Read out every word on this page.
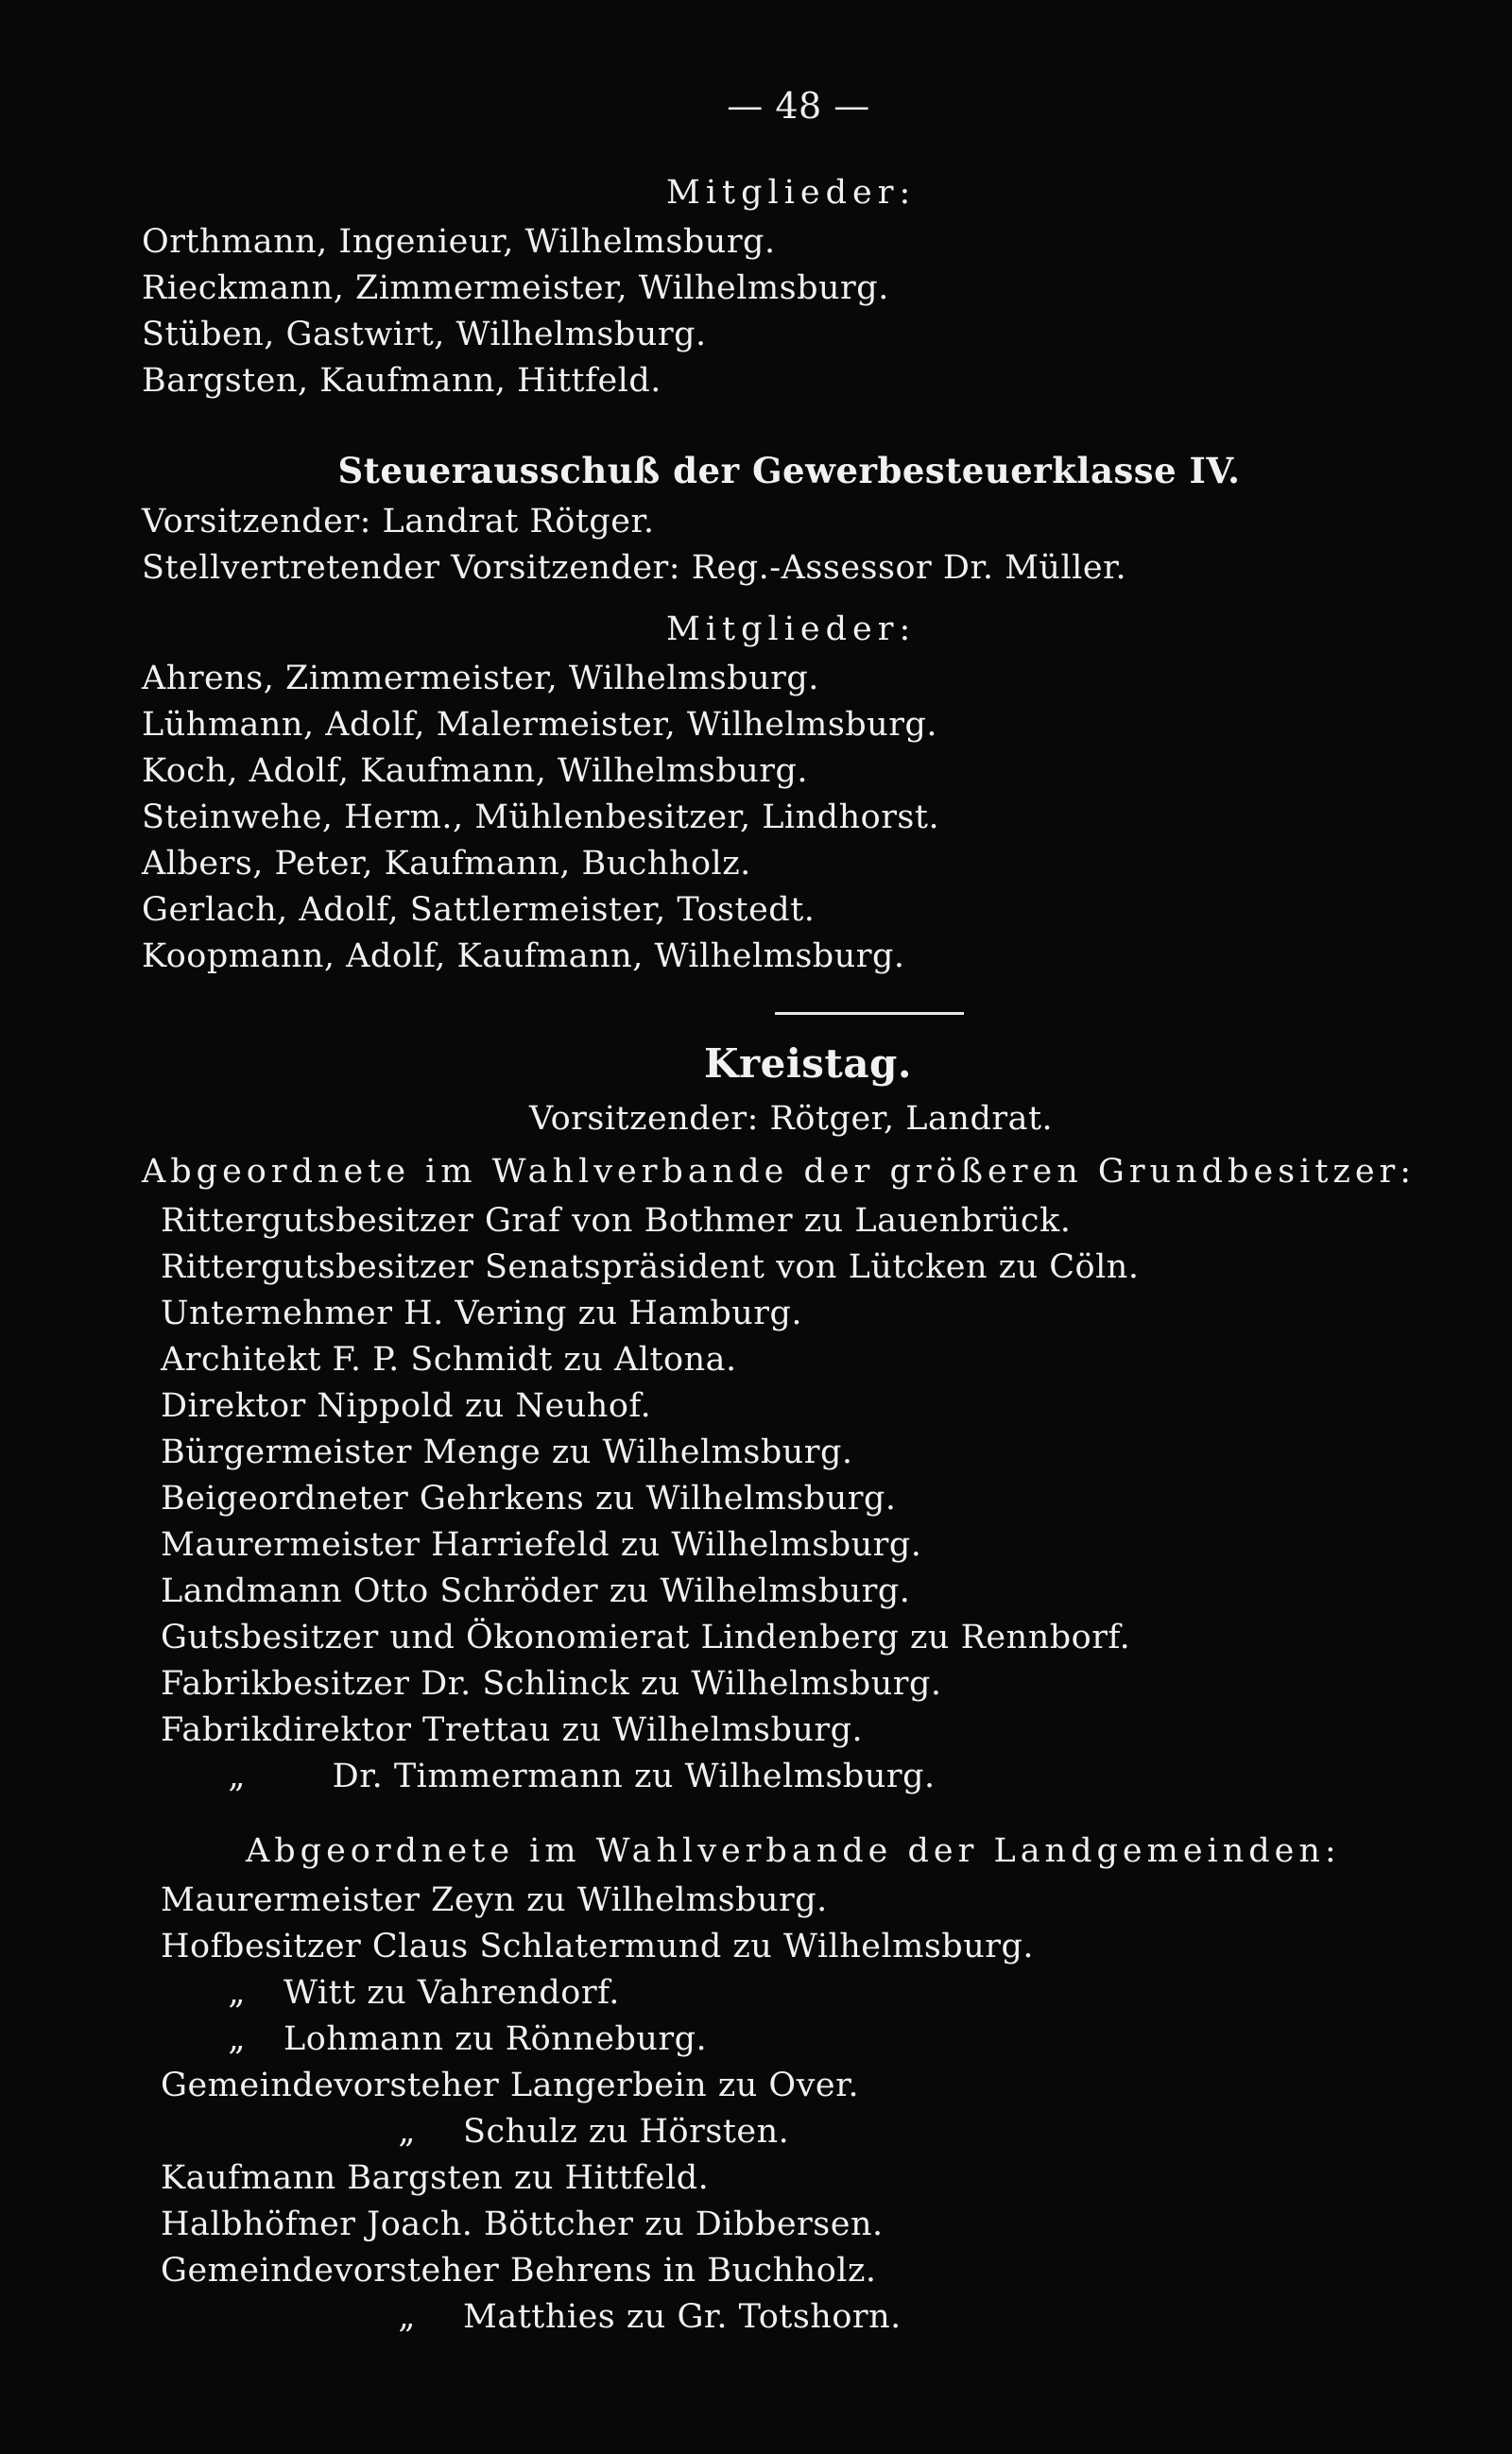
— 48 —
Mitglieder:
Orthmann, Ingenieur, Wilhelmsburg.
Rieckmann, Zimmermeister, Wilhelmsburg.
Stüben, Gastwirt, Wilhelmsburg.
Bargsten, Kaufmann, Hittfeld.
Steuerausschuß der Gewerbesteuerklasse IV.
Vorsitzender: Landrat Rötger.
Stellvertretender Vorsitzender: Reg.-Assessor Dr. Müller.
Mitglieder:
Ahrens, Zimmermeister, Wilhelmsburg.
Lühmann, Adolf, Malermeister, Wilhelmsburg.
Koch, Adolf, Kaufmann, Wilhelmsburg.
Steinwehe, Herm., Mühlenbesitzer, Lindhorst.
Albers, Peter, Kaufmann, Buchholz.
Gerlach, Adolf, Sattlermeister, Tostedt.
Koopmann, Adolf, Kaufmann, Wilhelmsburg.
Kreistag.
Vorsitzender: Rötger, Landrat.
Abgeordnete im Wahlverbande der größeren Grundbesitzer:
Rittergutsbesitzer Graf von Bothmer zu Lauenbrück.
Rittergutsbesitzer Senatspräsident von Lütcken zu Cöln.
Unternehmer H. Vering zu Hamburg.
Architekt F. P. Schmidt zu Altona.
Direktor Nippold zu Neuhof.
Bürgermeister Menge zu Wilhelmsburg.
Beigeordneter Gehrkens zu Wilhelmsburg.
Maurermeister Harriefeld zu Wilhelmsburg.
Landmann Otto Schröder zu Wilhelmsburg.
Gutsbesitzer und Ökonomierat Lindenberg zu Rennborf.
Fabrikbesitzer Dr. Schlinck zu Wilhelmsburg.
Fabrikdirektor Trettau zu Wilhelmsburg.
„	Dr. Timmermann zu Wilhelmsburg.
Abgeordnete im Wahlverbande der Landgemeinden:
Maurermeister Zeyn zu Wilhelmsburg.
Hofbesitzer Claus Schlatermund zu Wilhelmsburg.
„ Witt zu Vahrendorf.
„ Lohmann zu Rönneburg.
Gemeindevorsteher Langerbein zu Over.
„ Schulz zu Hörsten.
Kaufmann Bargsten zu Hittfeld.
Halbhöfner Joach. Böttcher zu Dibbersen.
Gemeindevorsteher Behrens in Buchholz.
„ Matthies zu Gr. Totshorn.
